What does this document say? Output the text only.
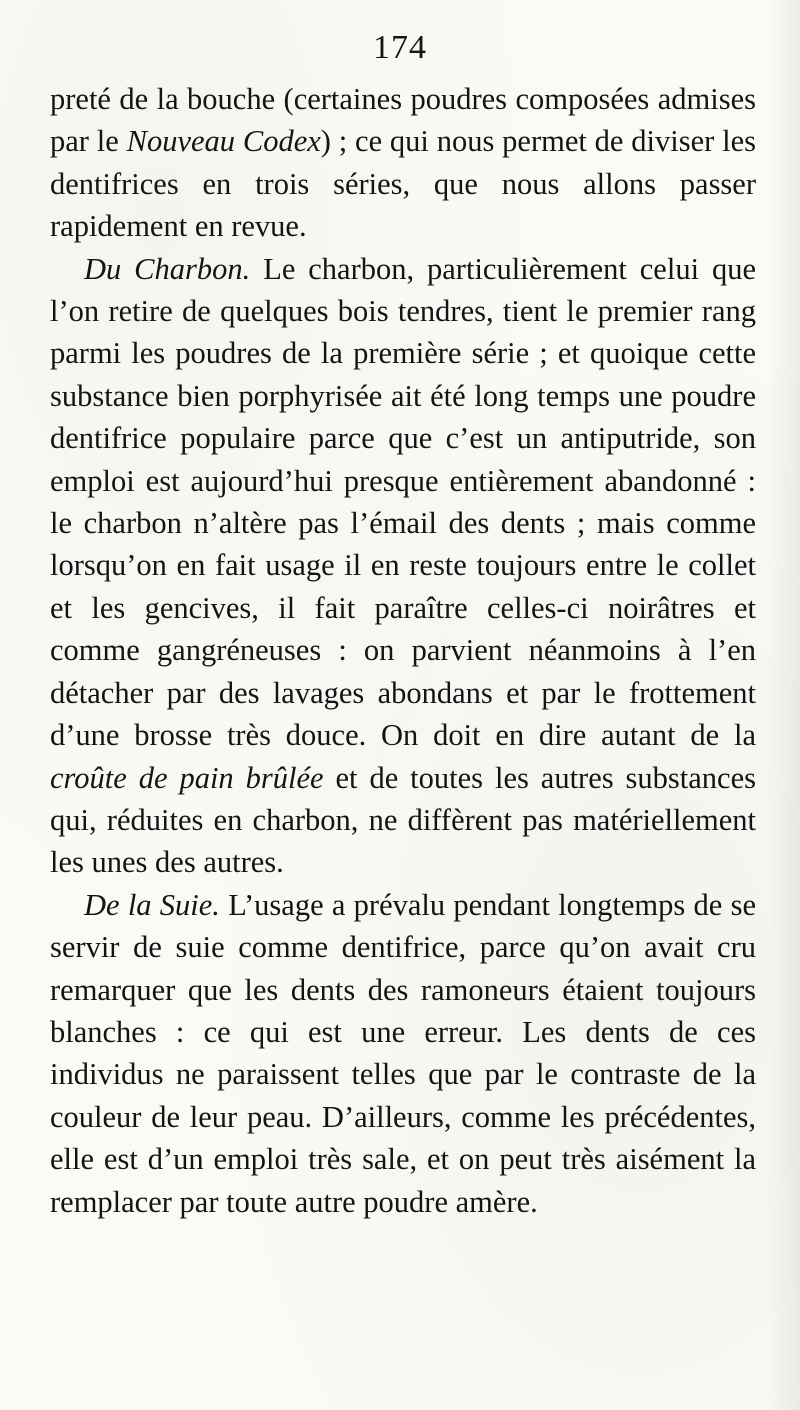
174

preté de la bouche (certaines poudres composées admises par le Nouveau Codex) ; ce qui nous permet de diviser les dentifrices en trois séries, que nous allons passer rapidement en revue.

Du Charbon. Le charbon, particulièrement celui que l’on retire de quelques bois tendres, tient le premier rang parmi les poudres de la première série ; et quoique cette substance bien porphyrisée ait été long temps une poudre dentifrice populaire parce que c’est un antiputride, son emploi est aujourd’hui presque entièrement abandonné : le charbon n’altère pas l’émail des dents ; mais comme lorsqu’on en fait usage il en reste toujours entre le collet et les gencives, il fait paraître celles-ci noirâtres et comme gangréneuses : on parvient néanmoins à l’en détacher par des lavages abondans et par le frottement d’une brosse très douce. On doit en dire autant de la croûte de pain brûlée et de toutes les autres substances qui, réduites en charbon, ne diffèrent pas matériellement les unes des autres.

De la Suie. L’usage a prévalu pendant longtemps de se servir de suie comme dentifrice, parce qu’on avait cru remarquer que les dents des ramoneurs étaient toujours blanches : ce qui est une erreur. Les dents de ces individus ne paraissent telles que par le contraste de la couleur de leur peau. D’ailleurs, comme les précédentes, elle est d’un emploi très sale, et on peut très aisément la remplacer par toute autre poudre amère.
